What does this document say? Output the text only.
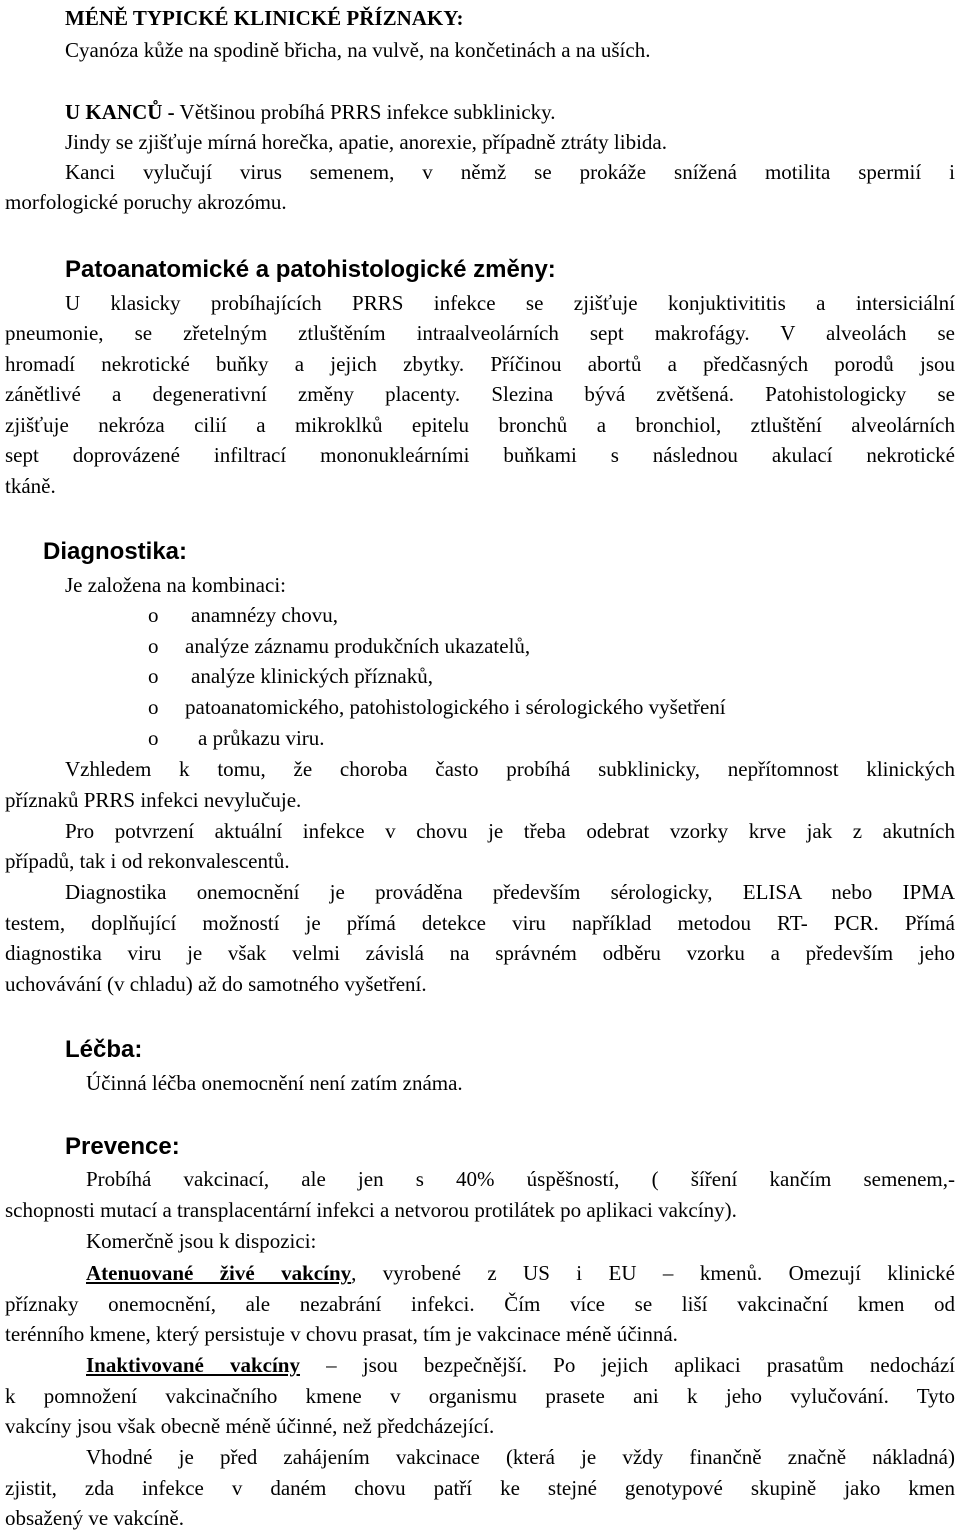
MÉNĚ TYPICKÉ KLINICKÉ PŘÍZNAKY:
Cyanóza kůže na spodině břicha, na vulvě, na končetinách a na uších.
U KANCŮ - Většinou probíhá PRRS infekce subklinicky.
Jindy se zjišťuje mírná horečka, apatie, anorexie, případně ztráty libida.
Kanci vylučují virus semenem, v němž se prokáže snížená motilita spermií i
morfologické poruchy akrozómu.
Patoanatomické a patohistologické změny:
U klasicky probíhajících PRRS infekce se zjišťuje konjuktivititis a intersiciální
pneumonie, se zřetelným ztluštěním intraalveolárních sept makrofágy. V alveolách se
hromadí nekrotické buňky a jejich zbytky. Příčinou abortů a předčasných porodů jsou
zánětlivé a degenerativní změny placenty. Slezina bývá zvětšená. Patohistologicky se
zjišťuje nekróza cilií a mikroklků epitelu bronchů a bronchiol, ztluštění alveolárních
sept doprovázené infiltrací mononukleárními buňkami s následnou akulací nekrotické
tkáně.
Diagnostika:
Je založena na kombinaci:
o anamnézy chovu,
o analýze záznamu produkčních ukazatelů,
o analýze klinických příznaků,
o patoanatomického, patohistologického i sérologického vyšetření
o a průkazu viru.
Vzhledem k tomu, že choroba často probíhá subklinicky, nepřítomnost klinických
příznaků PRRS infekci nevylučuje.
Pro potvrzení aktuální infekce v chovu je třeba odebrat vzorky krve jak z akutních
případů, tak i od rekonvalescentů.
Diagnostika onemocnění je prováděna především sérologicky, ELISA nebo IPMA
testem, doplňující možností je přímá detekce viru například metodou RT- PCR. Přímá
diagnostika viru je však velmi závislá na správném odběru vzorku a především jeho
uchovávání (v chladu) až do samotného vyšetření.
Léčba:
Účinná léčba onemocnění není zatím známa.
Prevence:
Probíhá vakcinací, ale jen s 40% úspěšností, ( šíření kančím semenem,-
schopnosti mutací a transplacentární infekci a netvorou protilátek po aplikaci vakcíny).
Komerčně jsou k dispozici:
Atenuované živé vakcíny, vyrobené z US i EU – kmenů. Omezují klinické
příznaky onemocnění, ale nezabrání infekci. Čím více se liší vakcinační kmen od
terénního kmene, který persistuje v chovu prasat, tím je vakcinace méně účinná.
Inaktivované vakcíny – jsou bezpečnější. Po jejich aplikaci prasatům nedochází
k pomnožení vakcinačního kmene v organismu prasete ani k jeho vylučování. Tyto
vakcíny jsou však obecně méně účinné, než předcházející.
Vhodné je před zahájením vakcinace (která je vždy finančně značně nákladná)
zjistit, zda infekce v daném chovu patří ke stejné genotypové skupině jako kmen
obsažený ve vakcíně.
